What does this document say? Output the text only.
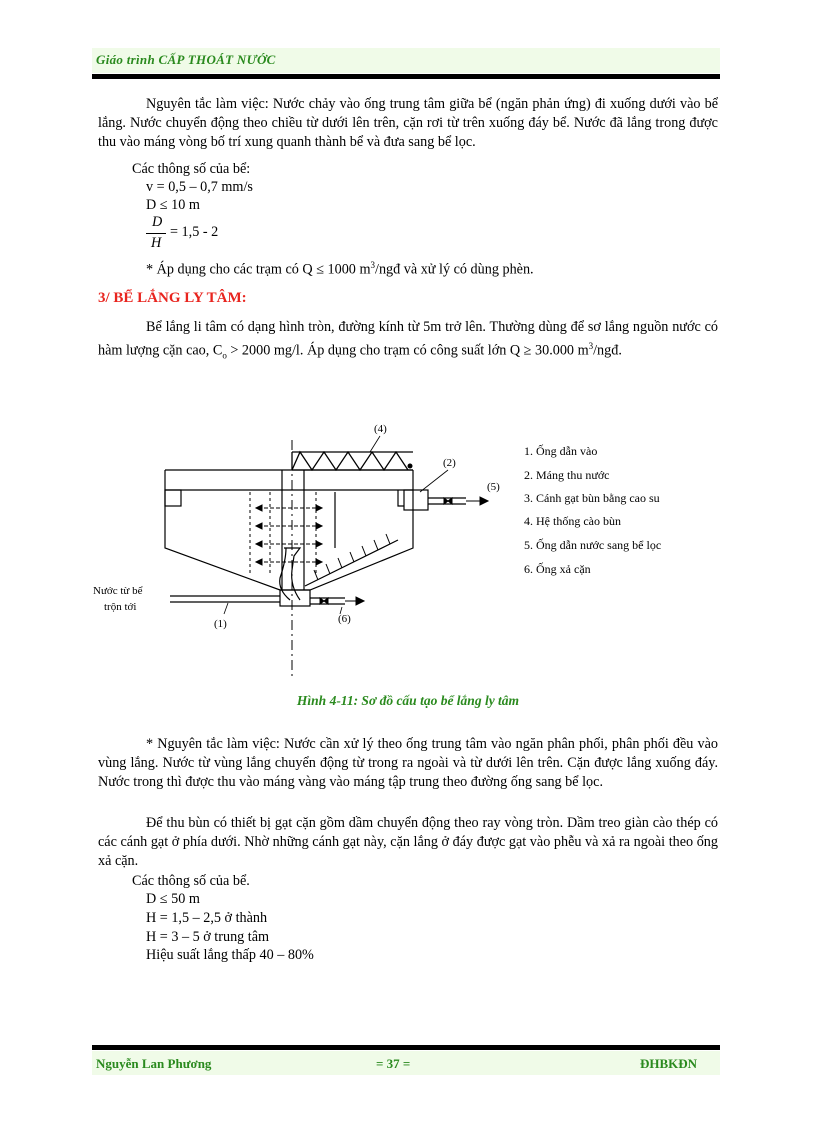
Giáo trình CẤP THOÁT NƯỚC
Nguyên tắc làm việc: Nước chảy vào ống trung tâm giữa bể (ngăn phản ứng) đi xuống dưới vào bể lắng. Nước chuyển động theo chiều từ dưới lên trên, cặn rơi từ trên xuống đáy bể. Nước đã lắng trong được thu vào máng vòng bố trí xung quanh thành bể và đưa sang bể lọc.
Các thông số của bể:
v = 0,5 – 0,7 mm/s
D ≤ 10 m
D
H
= 1,5 - 2
* Áp dụng cho các trạm có Q ≤ 1000 $m^3$/ngđ và xử lý có dùng phèn.
3/ BỂ LẮNG LY TÂM:
Bể lắng li tâm có dạng hình tròn, đường kính từ 5m trở lên. Thường dùng để sơ lắng nguồn nước có hàm lượng cặn cao, $C_o > 2000$ mg/l. Áp dụng cho trạm có công suất lớn Q ≥ 30.000 $m^3$/ngđ.
(4)
(2)
(5)
(1)	(6)
Nước từ bể
trộn tới
1. Ống dẫn vào
2. Máng thu nước
3. Cánh gạt bùn bằng cao su
4. Hệ thống cào bùn
5. Ống dẫn nước sang bể lọc
6. Ống xả cặn
Hình 4-11: Sơ đồ cấu tạo bể lắng ly tâm
* Nguyên tắc làm việc: Nước cần xử lý theo ống trung tâm vào ngăn phân phối, phân phối đều vào vùng lắng. Nước từ vùng lắng chuyển động từ trong ra ngoài và từ dưới lên trên. Cặn được lắng xuống đáy. Nước trong thì được thu vào máng vàng vào máng tập trung theo đường ống sang bể lọc.
Để thu bùn có thiết bị gạt cặn gồm dầm chuyển động theo ray vòng tròn. Dầm treo giàn cào thép có các cánh gạt ở phía dưới. Nhờ những cánh gạt này, cặn lắng ở đáy được gạt vào phễu và xả ra ngoài theo ống xả cặn.
Các thông số của bể.
D ≤ 50 m
H = 1,5 – 2,5 ở thành
H = 3 – 5 ở trung tâm
Hiệu suất lắng thấp 40 – 80%
Nguyễn Lan Phương	= 37 =	ĐHBKĐN
